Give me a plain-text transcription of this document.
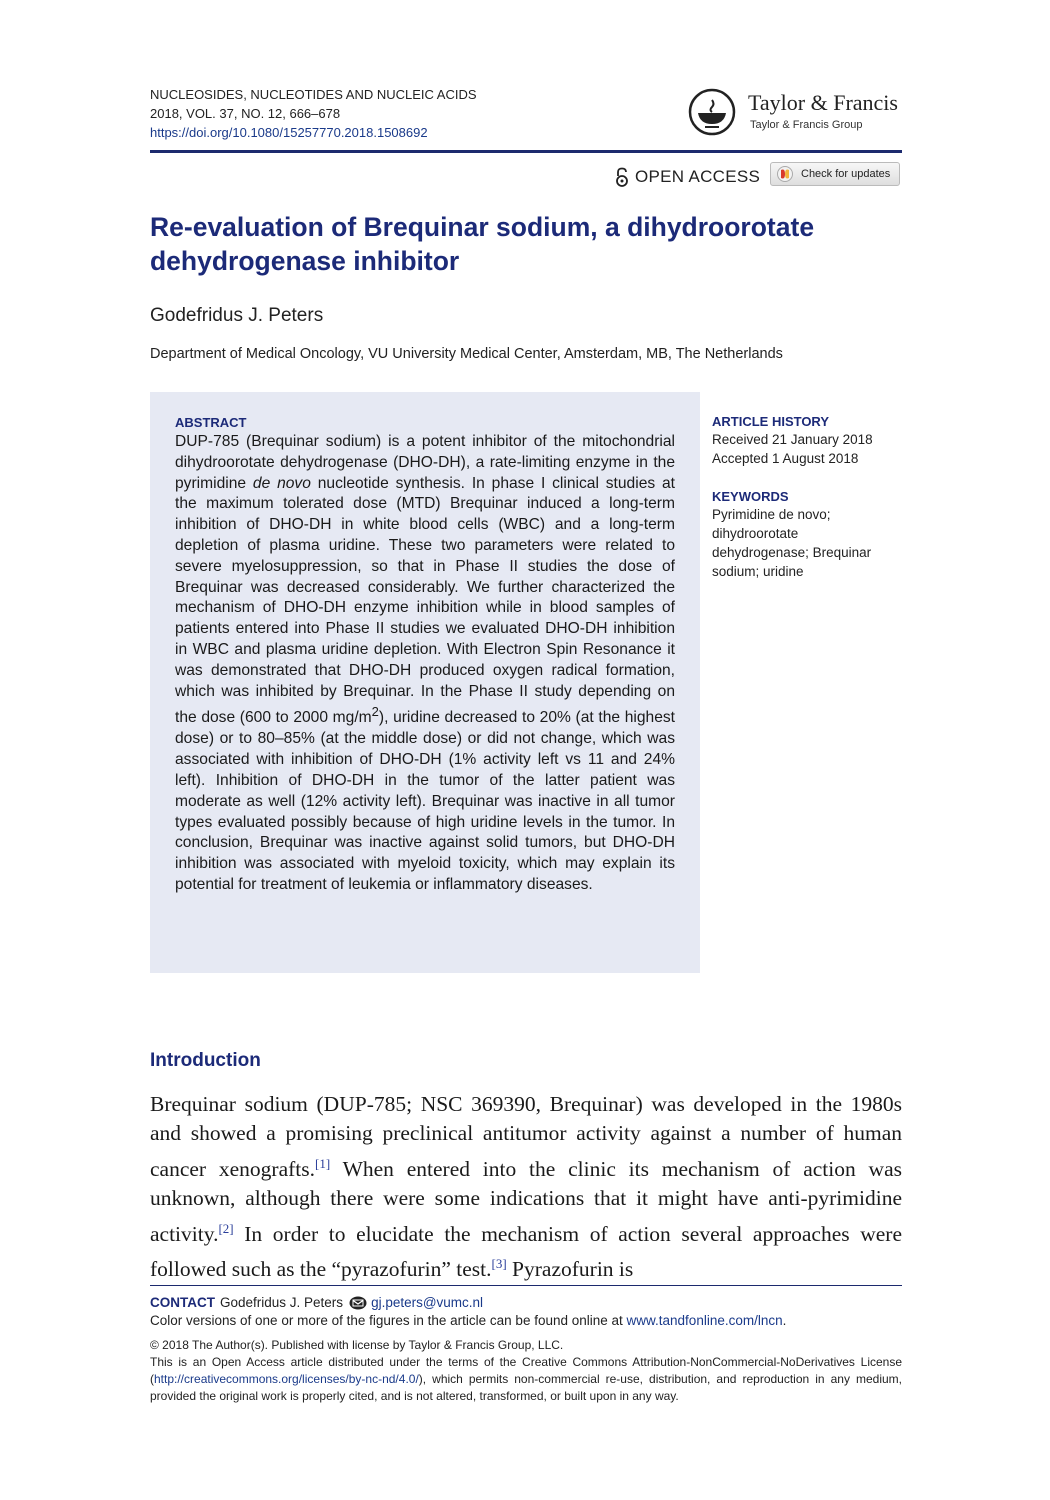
NUCLEOSIDES, NUCLEOTIDES AND NUCLEIC ACIDS
2018, VOL. 37, NO. 12, 666–678
https://doi.org/10.1080/15257770.2018.1508692
Taylor & Francis
Taylor & Francis Group
OPEN ACCESS	Check for updates
Re-evaluation of Brequinar sodium, a dihydroorotate dehydrogenase inhibitor
Godefridus J. Peters
Department of Medical Oncology, VU University Medical Center, Amsterdam, MB, The Netherlands
ABSTRACT

DUP-785 (Brequinar sodium) is a potent inhibitor of the mitochondrial dihydroorotate dehydrogenase (DHO-DH), a rate-limiting enzyme in the pyrimidine de novo nucleotide synthesis. In phase I clinical studies at the maximum tolerated dose (MTD) Brequinar induced a long-term inhibition of DHO-DH in white blood cells (WBC) and a long-term depletion of plasma uridine. These two parameters were related to severe myelosuppression, so that in Phase II studies the dose of Brequinar was decreased considerably. We further characterized the mechanism of DHO-DH enzyme inhibition while in blood samples of patients entered into Phase II studies we evaluated DHO-DH inhibition in WBC and plasma uridine depletion. With Electron Spin Resonance it was demonstrated that DHO-DH produced oxygen radical formation, which was inhibited by Brequinar. In the Phase II study depending on the dose (600 to 2000 $mg/m^2$), uridine decreased to 20% (at the highest dose) or to 80–85% (at the middle dose) or did not change, which was associated with inhibition of DHO-DH (1% activity left vs 11 and 24% left). Inhibition of DHO-DH in the tumor of the latter patient was moderate as well (12% activity left). Brequinar was inactive in all tumor types evaluated possibly because of high uridine levels in the tumor. In conclusion, Brequinar was inactive against solid tumors, but DHO-DH inhibition was associated with myeloid toxicity, which may explain its potential for treatment of leukemia or inflammatory diseases.

ARTICLE HISTORY
Received 21 January 2018
Accepted 1 August 2018
KEYWORDS
Pyrimidine de novo; dihydroorotate dehydrogenase; Brequinar sodium; uridine
Introduction

Brequinar sodium (DUP-785; NSC 369390, Brequinar) was developed in the 1980s and showed a promising preclinical antitumor activity against a number of human cancer xenografts.[1] When entered into the clinic its mechanism of action was unknown, although there were some indications that it might have anti-pyrimidine activity.[2] In order to elucidate the mechanism of action several approaches were followed such as the “pyrazofurin” test.[3] Pyrazofurin is

CONTACT Godefridus J. Peters gj.peters@vumc.nl
Color versions of one or more of the figures in the article can be found online at www.tandfonline.com/lncn.
© 2018 The Author(s). Published with license by Taylor & Francis Group, LLC.

This is an Open Access article distributed under the terms of the Creative Commons Attribution-NonCommercial-NoDerivatives License (http://creativecommons.org/licenses/by-nc-nd/4.0/), which permits non-commercial re-use, distribution, and reproduction in any medium, provided the original work is properly cited, and is not altered, transformed, or built upon in any way.
